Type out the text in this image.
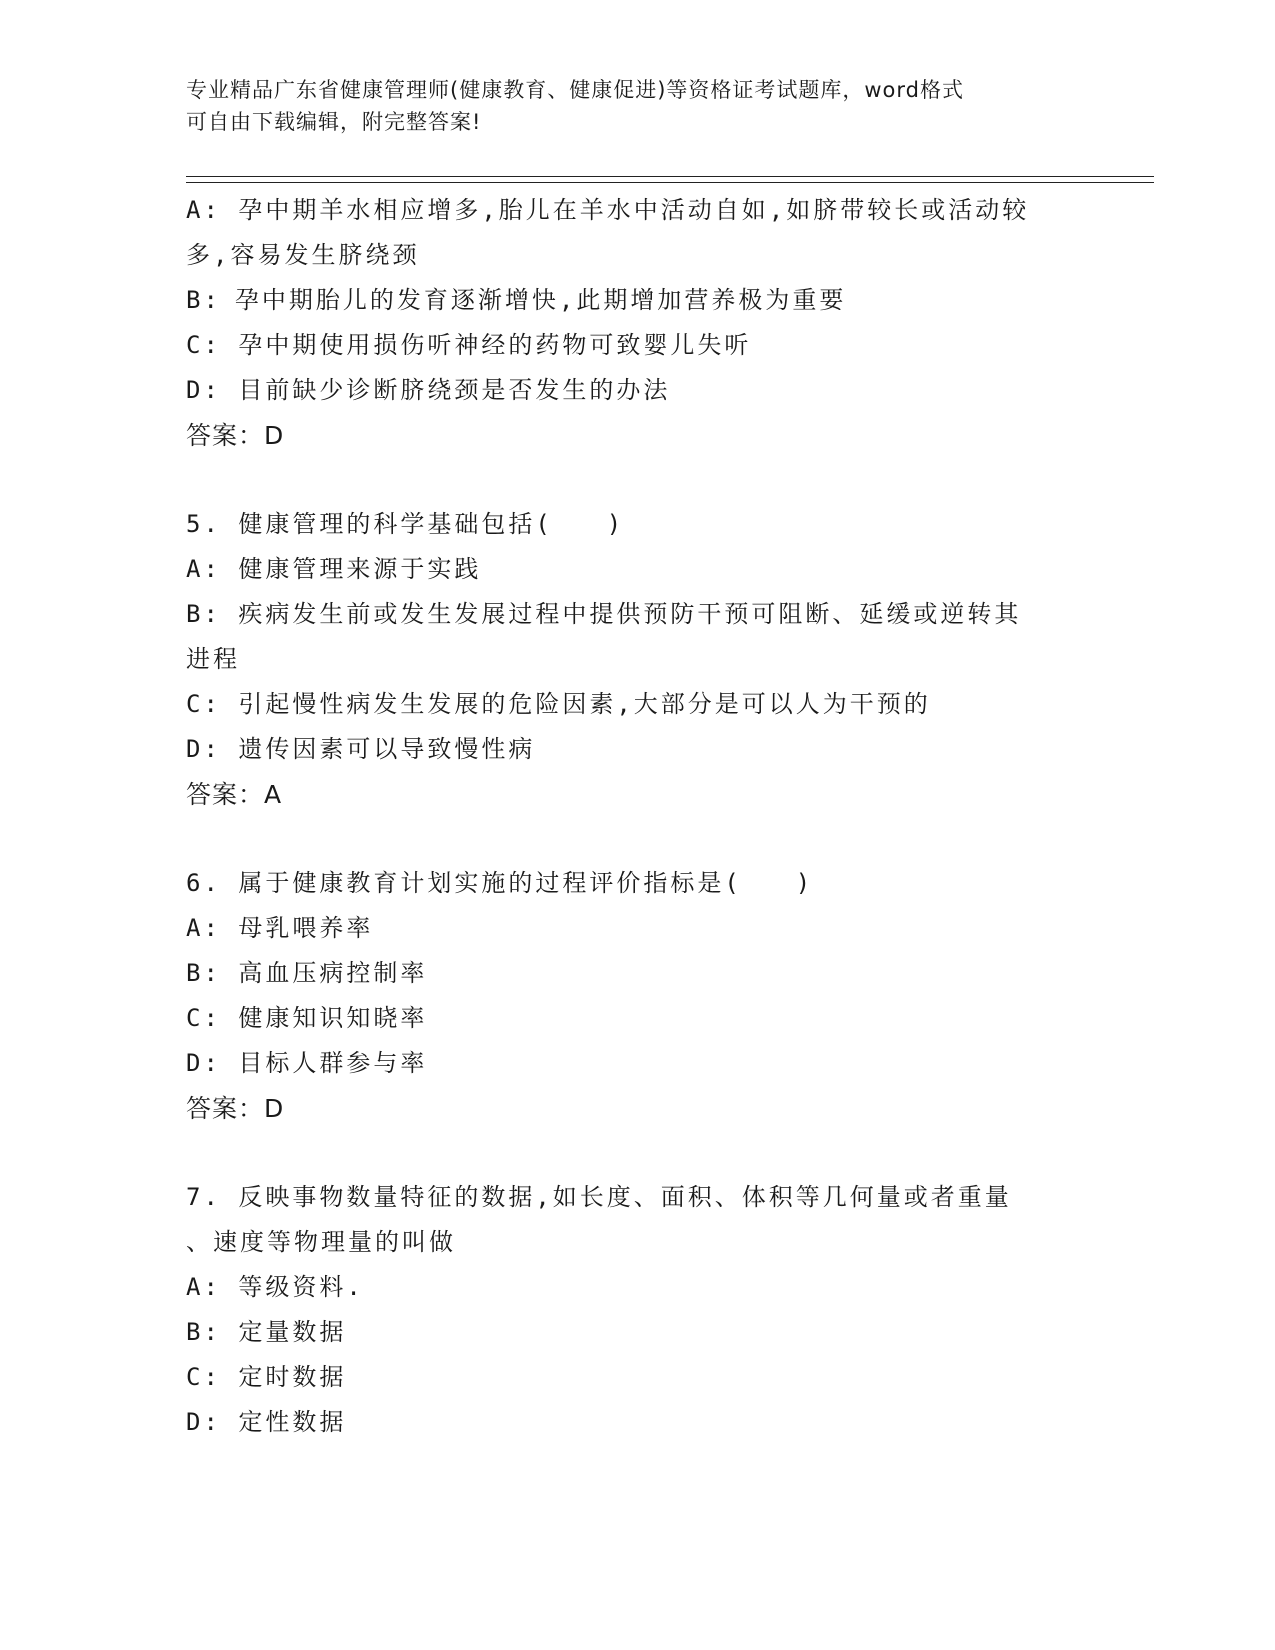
专业精品广东省健康管理师(健康教育、健康促进)等资格证考试题库，word格式
可自由下载编辑，附完整答案!

A: 孕中期羊水相应增多,胎儿在羊水中活动自如,如脐带较长或活动较

多,容易发生脐绕颈

B: 孕中期胎儿的发育逐渐增快,此期增加营养极为重要

C: 孕中期使用损伤听神经的药物可致婴儿失听

D: 目前缺少诊断脐绕颈是否发生的办法

答案：D

5. 健康管理的科学基础包括(　　)

A: 健康管理来源于实践

B: 疾病发生前或发生发展过程中提供预防干预可阻断、延缓或逆转其

进程

C: 引起慢性病发生发展的危险因素,大部分是可以人为干预的

D: 遗传因素可以导致慢性病

答案：A

6. 属于健康教育计划实施的过程评价指标是(　　)

A: 母乳喂养率

B: 高血压病控制率

C: 健康知识知晓率

D: 目标人群参与率

答案：D

7. 反映事物数量特征的数据,如长度、面积、体积等几何量或者重量

、速度等物理量的叫做

A: 等级资料.

B: 定量数据

C: 定时数据

D: 定性数据
